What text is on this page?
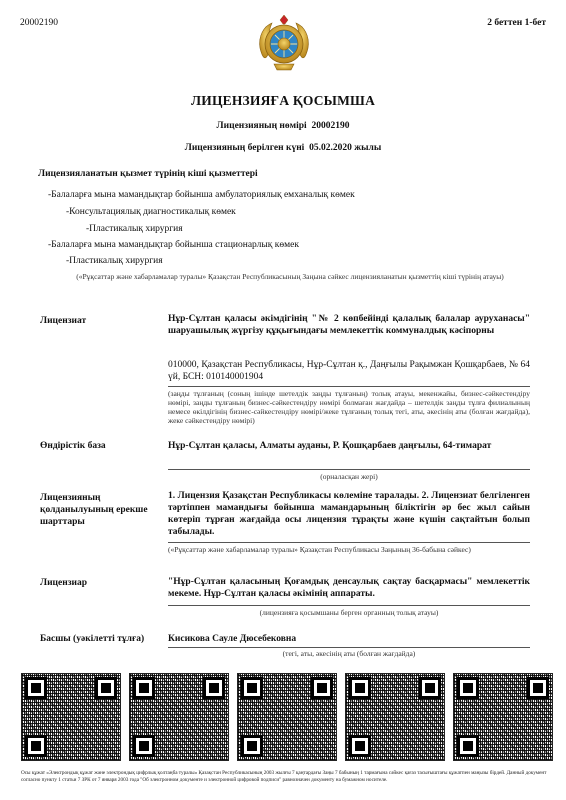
20002190	2 беттен 1-бет
ЛИЦЕНЗИЯҒА ҚОСЫМША
Лицензияның нөмірі 20002190
Лицензияның берілген күні 05.02.2020 жылы
Лицензияланатын қызмет түрінің кіші қызметтері
-Балаларға мына мамандықтар бойынша амбулаториялық емханалық көмек
-Консультациялық диагностикалық көмек
-Пластикалық хирургия
-Балаларға мына мамандықтар бойынша стационарлық көмек
-Пластикалық хирургия
(«Рұқсаттар және хабарламалар туралы» Қазақстан Республикасының Заңына сәйкес лицензияланатын қызметтің кіші түрінің атауы)
Лицензиат	Нұр-Сұлтан қаласы әкімдігінің "№ 2 көпбейінді қалалық балалар ауруханасы" шаруашылық жүргізу құқығындағы мемлекеттік коммуналдық кәсіпорны
010000, Қазақстан Республикасы, Нұр-Сұлтан қ., Даңғылы Рақымжан Қошқарбаев, № 64 үй, БСН: 010140001904
(заңды тұлғаның (соның ішінде шетелдік заңды тұлғаның) толық атауы, мекенжайы, бизнес-сәйкестендіру нөмірі, заңды тұлғаның бизнес-сәйкестендіру нөмірі болмаған жағдайда – шетелдік заңды тұлға филиалының немесе өкілдігінің бизнес-сәйкестендіру нөмірі/жеке тұлғаның толық тегі, аты, әкесінің аты (болған жағдайда), жеке сәйкестендіру нөмірі)
Өндірістік база	Нұр-Сұлтан қаласы, Алматы ауданы, Р. Қошқарбаев даңғылы, 64-тимарат
(орналасқан жері)
Лицензияның қолданылуының ерекше шарттары
1. Лицензия Қазақстан Республикасы көлеміне таралады. 2. Лицензиат белгіленген тәртіппен мамандығы бойынша мамандарының біліктігін әр бес жыл сайын көтеріп тұрған жағдайда осы лицензия тұрақты және күшін сақтайтын болып табылады.
(«Рұқсаттар және хабарламалар туралы» Қазақстан Республикасы Заңының 36-бабына сәйкес)
Лицензиар	"Нұр-Сұлтан қаласының Қоғамдық денсаулық сақтау басқармасы" мемлекеттік мекеме. Нұр-Сұлтан қаласы әкімінің аппараты.
(лицензияға қосымшаны берген органның толық атауы)
Басшы (уәкілетті тұлға)	Кисикова Сауле Дюсебековна
(тегі, аты, әкесінің аты (болған жағдайда)
Осы құжат «Электрондық құжат және электрондық цифрлық қолтаңба туралы» Қазақстан Республикасының 2003 жылғы 7 қаңтардағы Заңы 7 бабының 1 тармағына сәйкес қағаз тасығыштағы құжатпен маңызы бірдей. Данный документ согласно пункту 1 статьи 7 ЗРК от 7 января 2003 года "Об электронном документе и электронной цифровой подписи" равнозначен документу на бумажном носителе.
